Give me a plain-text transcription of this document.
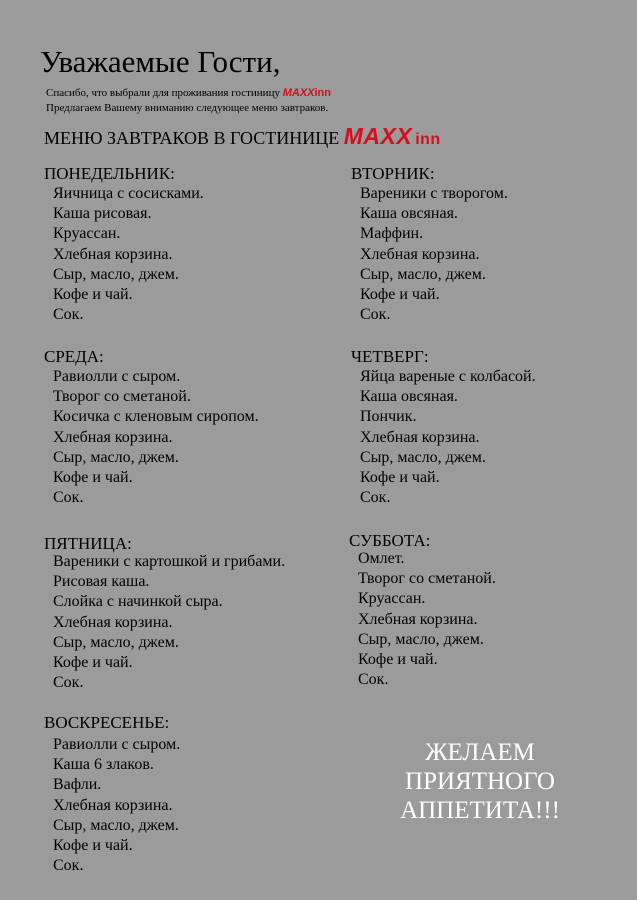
Уважаемые Гости,
Спасибо, что выбрали для проживания гостиницу MAXXinn
Предлагаем Вашему вниманию следующее меню завтраков.
МЕНЮ ЗАВТРАКОВ В ГОСТИНИЦЕ MAXX inn
ПОНЕДЕЛЬНИК:
Яичница с сосисками.
Каша рисовая.
Круассан.
Хлебная корзина.
Сыр, масло, джем.
Кофе и чай.
Сок.
ВТОРНИК:
Вареники с творогом.
Каша овсяная.
Маффин.
Хлебная корзина.
Сыр, масло, джем.
Кофе и чай.
Сок.
СРЕДА:
Равиолли с сыром.
Творог со сметаной.
Косичка с кленовым сиропом.
Хлебная корзина.
Сыр, масло, джем.
Кофе и чай.
Сок.
ЧЕТВЕРГ:
Яйца вареные с колбасой.
Каша овсяная.
Пончик.
Хлебная корзина.
Сыр, масло, джем.
Кофе и чай.
Сок.
ПЯТНИЦА:
Вареники с картошкой и грибами.
Рисовая каша.
Слойка с начинкой сыра.
Хлебная корзина.
Сыр, масло, джем.
Кофе и чай.
Сок.
СУББОТА:
Омлет.
Творог со сметаной.
Круассан.
Хлебная корзина.
Сыр, масло, джем.
Кофе и чай.
Сок.
ВОСКРЕСЕНЬЕ:
Равиолли с сыром.
Каша 6 злаков.
Вафли.
Хлебная корзина.
Сыр, масло, джем.
Кофе и чай.
Сок.
ЖЕЛАЕМ
ПРИЯТНОГО
АППЕТИТА!!!
